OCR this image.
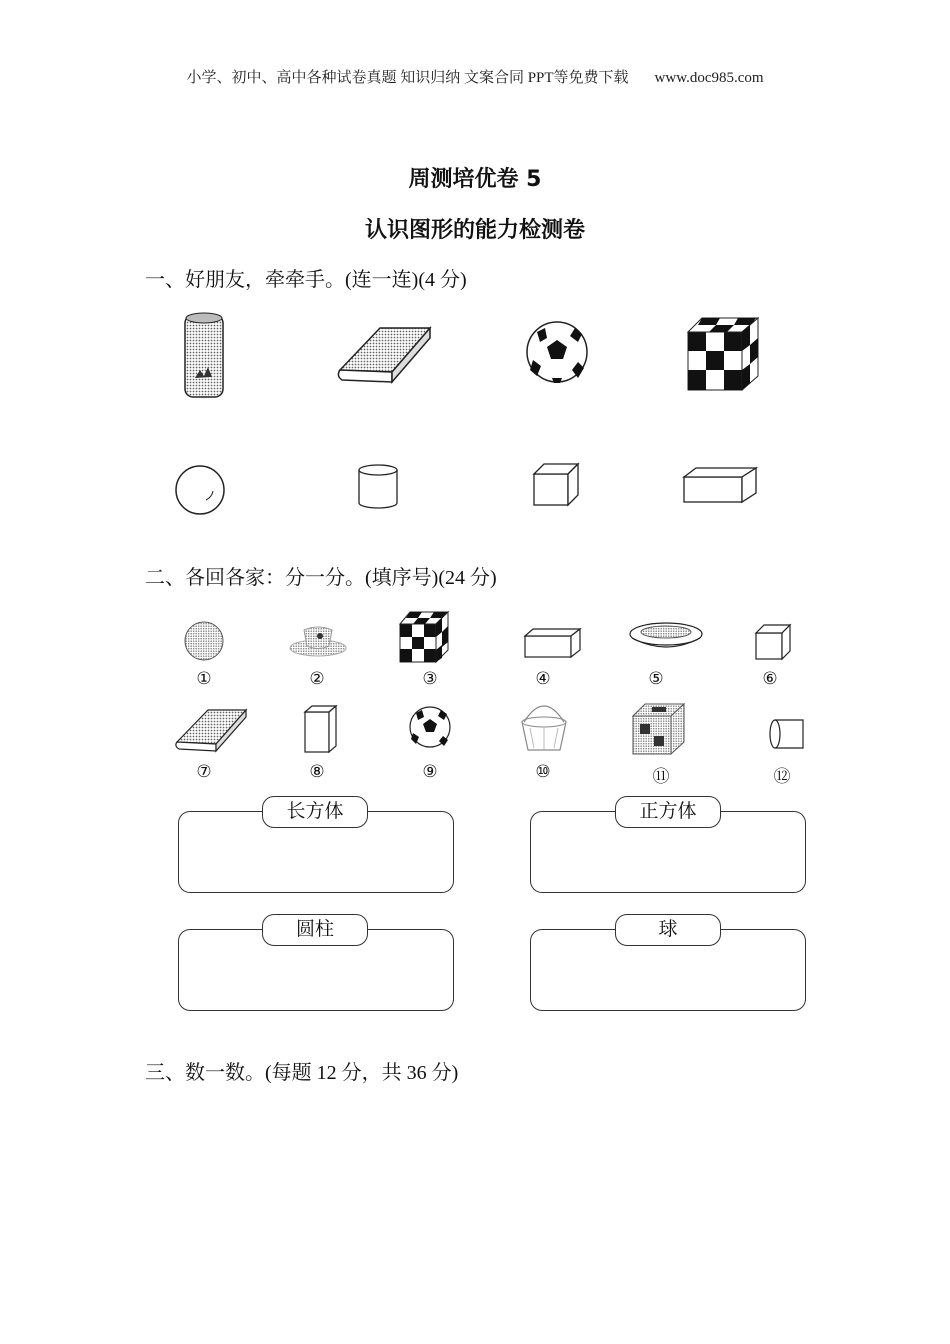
小学、初中、高中各种试卷真题 知识归纳 文案合同 PPT等免费下载 www.doc985.com
周测培优卷 5
认识图形的能力检测卷
一、好朋友，牵牵手。(连一连)(4 分)
二、各回各家：分一分。(填序号)(24 分)
①	②	③	④	⑤	⑥
⑦	⑧	⑨	⑩	⑪	⑫
长方体	正方体
圆柱	球
三、数一数。(每题 12 分，共 36 分)
